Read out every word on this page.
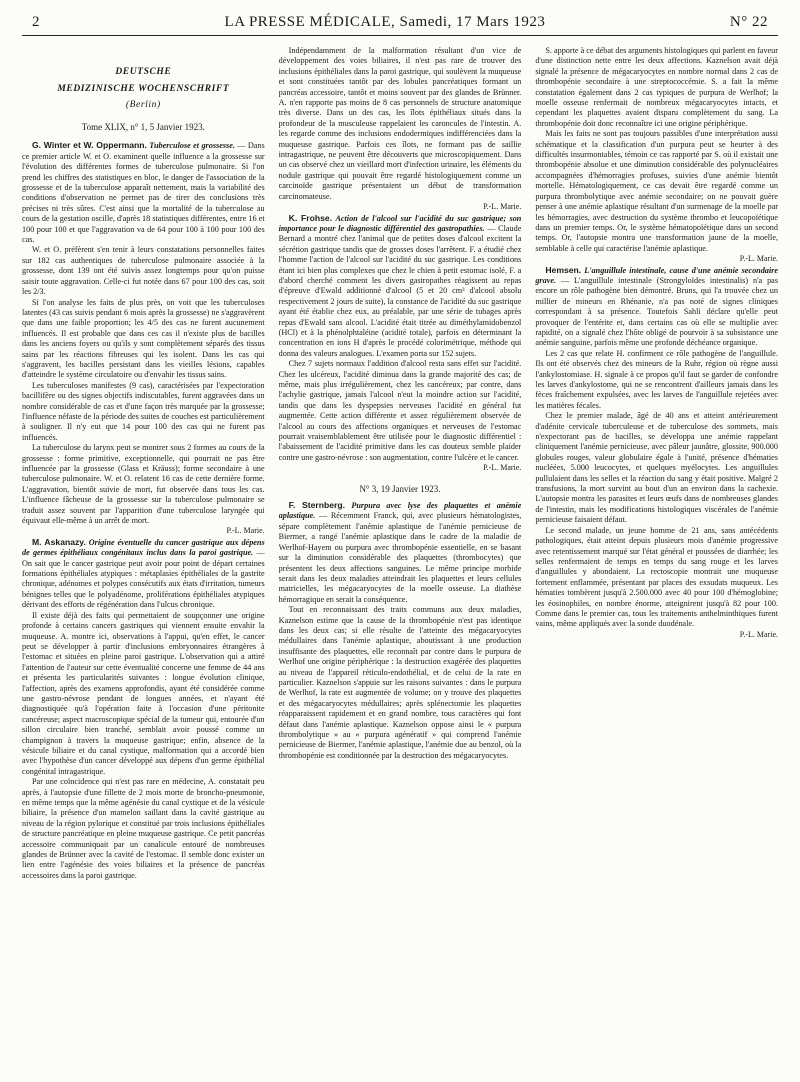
2	LA PRESSE MÉDICALE, Samedi, 17 Mars 1923	N° 22
DEUTSCHE
MEDIZINISCHE WOCHENSCHRIFT
(Berlin)
Tome XLIX, n° 1, 5 Janvier 1923.

G. Winter et W. Oppermann. Tuberculose et grossesse. — Dans ce premier article W. et O. examinent quelle influence a la grossesse sur l'évolution des différentes formes de tuberculose pulmonaire. Si l'on prend les chiffres des statistiques en bloc, le danger de l'association de la grossesse et de la tuberculose apparaît nettement, mais la variabilité des conditions d'observation ne permet pas de tirer des conclusions très précises ni très sûres. C'est ainsi que la mortalité de la tuberculose au cours de la gestation oscille, d'après 18 statistiques différentes, entre 16 et 100 pour 100 et que l'aggravation va de 64 pour 100 à 100 pour 100 des cas.

W. et O. préfèrent s'en tenir à leurs constatations personnelles faites sur 182 cas authentiques de tuberculose pulmonaire associée à la grossesse, dont 139 ont été suivis assez longtemps pour qu'on puisse saisir toute aggravation. Celle-ci fut notée dans 67 pour 100 des cas, soit les 2/3.

Si l'on analyse les faits de plus près, on voit que les tuberculoses latentes (43 cas suivis pendant 6 mois après la grossesse) ne s'aggravèrent que dans une faible proportion; les 4/5 des cas ne furent aucunement influencés. Il est probable que dans ces cas il n'existe plus de bacilles dans les anciens foyers ou qu'ils y sont complètement séparés des tissus sains par les réactions fibreuses qui les isolent. Dans les cas qui s'aggravent, les bacilles persistant dans les vieilles lésions, capables d'atteindre le système circulatoire ou d'envahir les tissus sains.

Les tuberculoses manifestes (9 cas), caractérisées par l'expectoration bacillifère ou des signes objectifs indiscutables, furent aggravées dans un nombre considérable de cas et d'une façon très marquée par la grossesse; l'influence néfaste de la période des suites de couches est particulièrement à souligner. Il n'y eut que 14 pour 100 des cas qui ne furent pas influencés.

La tuberculose du larynx peut se montrer sous 2 formes au cours de la grossesse : forme primitive, exceptionnelle, qui pourrait ne pas être influencée par la grossesse (Glass et Kräuss); forme secondaire à une tuberculose pulmonaire. W. et O. relatent 16 cas de cette dernière forme. L'aggravation, bientôt suivie de mort, fut observée dans tous les cas. L'influence fâcheuse de la grossesse sur la tuberculose pulmonaire se traduit assez souvent par l'apparition d'une tuberculose laryngée qui équivaut elle-même à un arrêt de mort.

P.-L. Marie.

M. Askanazy. Origine éventuelle du cancer gastrique aux dépens de germes épithéliaux congénitaux inclus dans la paroi gastrique. — On sait que le cancer gastrique peut avoir pour point de départ certaines formations épithéliales atypiques : métaplasies épithéliales de la gastrite chronique, adénomes et polypes consécutifs aux états d'irritation, tumeurs bénignes telles que le polyadénome, proliférations épithéliales atypiques dérivant des efforts de régénération dans l'ulcus chronique.

Il existe déjà des faits qui permettaient de soupçonner une origine profonde à certains cancers gastriques qui viennent ensuite envahir la muqueuse. A. montre ici, observations à l'appui, qu'en effet, le cancer peut se développer à partir d'inclusions embryonnaires étrangères à l'estomac et situées en pleine paroi gastrique. L'observation qui a attiré l'attention de l'auteur sur cette éventualité concerne une femme de 44 ans et présenta les particularités suivantes : longue évolution clinique, l'affection, après des examens approfondis, ayant été considérée comme une gastro-névrose pendant de longues années, et n'ayant été diagnostiquée qu'à l'opération faite à l'occasion d'une péritonite cancéreuse; aspect macroscopique spécial de la tumeur qui, entourée d'un sillon circulaire bien tranché, semblait avoir poussé comme un champignon à travers la muqueuse gastrique; enfin, absence de la vésicule biliaire et du canal cystique, malformation qui a accordé bien avec l'hypothèse d'un cancer développé aux dépens d'un germe épithélial congénital intragastrique.

Par une coïncidence qui n'est pas rare en médecine, A. constatait peu après, à l'autopsie d'une fillette de 2 mois morte de broncho-pneumonie, en même temps que la même agénésie du canal cystique et de la vésicule biliaire, la présence d'un mamelon saillant dans la cavité gastrique au niveau de la région pylorique et constitué par trois inclusions épithéliales de structure pancréatique en pleine muqueuse gastrique. Ce petit pancréas accessoire communiquait par un canalicule entouré de nombreuses glandes de Brünner avec la cavité de l'estomac. Il semble donc exister un lien entre l'agénésie des voies biliaires et la présence de pancréas accessoires dans la paroi gastrique.

Indépendamment de la malformation résultant d'un vice de développement des voies biliaires, il n'est pas rare de trouver des inclusions épithéliales dans la paroi gastrique, qui soulèvent la muqueuse et sont constituées tantôt par des lobules pancréatiques formant un pancréas accessoire, tantôt et moins souvent par des glandes de Brünner. A. n'en rapporte pas moins de 8 cas personnels de structure anatomique très diverse. Dans un des cas, les îlots épithéliaux situés dans la profondeur de la musculeuse rappelaient les caroncules de l'intestin. A. les regarde comme des inclusions endodermiques indifférenciées dans la muqueuse gastrique. Parfois ces îlots, ne formant pas de saillie intragastrique, ne peuvent être découverts que microscopiquement. Dans un cas observé chez un vieillard mort d'infection urinaire, les éléments du nodule gastrique qui pouvait être regardé histologiquement comme un carcinoïde gastrique présentaient un début de transformation carcinomateuse.

P.-L. Marie.

K. Frohse. Action de l'alcool sur l'acidité du suc gastrique; son importance pour le diagnostic différentiel des gastropathies. — Claude Bernard a montré chez l'animal que de petites doses d'alcool excitent la sécrétion gastrique tandis que de grosses doses l'arrêtent. F. a étudié chez l'homme l'action de l'alcool sur l'acidité du suc gastrique. Les conditions étant ici bien plus complexes que chez le chien à petit estomac isolé, F. a d'abord cherché comment les divers gastropathes réagissent au repas d'épreuve d'Ewald additionné d'alcool (5 et 20 cm³ d'alcool absolu respectivement 2 jours de suite), la constance de l'acidité du suc gastrique ayant été établie chez eux, au préalable, par une série de tubages après repas d'Ewald sans alcool. L'acidité était titrée au diméthylamidobenzol (HCl) et à la phénolphtaléine (acidité totale), parfois en déterminant la concentration en ions H d'après le procédé colorimétrique, méthode qui donna des valeurs analogues. L'examen porta sur 152 sujets.

Chez 7 sujets normaux l'addition d'alcool resta sans effet sur l'acidité. Chez les ulcéreux, l'acidité diminua dans la grande majorité des cas; de même, mais plus irrégulièrement, chez les cancéreux; par contre, dans l'achylie gastrique, jamais l'alcool n'eut la moindre action sur l'acidité, tandis que dans les dyspepsies nerveuses l'acidité en général fut augmentée. Cette action différente et assez régulièrement observée de l'alcool au cours des affections organiques et nerveuses de l'estomac pourrait vraisemblablement être utilisée pour le diagnostic différentiel : l'abaissement de l'acidité primitive dans les cas douteux semble plaider contre une gastro-névrose : son augmentation, contre l'ulcère et le cancer.

P.-L. Marie.

N° 3, 19 Janvier 1923.

F. Sternberg. Purpura avec lyse des plaquettes et anémie aplastique. — Récemment Franck, qui, avec plusieurs hématologistes, sépare complètement l'anémie aplastique de l'anémie pernicieuse de Biermer, a rangé l'anémie aplastique dans le cadre de la maladie de Werlhof-Hayem ou purpura avec thrombopénie essentielle, en se basant sur la diminution considérable des plaquettes (thrombocytes) que présentent les deux affections sanguines. Le même principe morbide serait dans les deux maladies atteindrait les plaquettes et leurs cellules matricielles, les mégacaryocytes de la moelle osseuse. La diathèse hémorragique en serait la conséquence.

Tout en reconnaissant des traits communs aux deux maladies, Kaznelson estime que la cause de la thrombopénie n'est pas identique dans les deux cas; si elle résulte de l'atteinte des mégacaryocytes médullaires dans l'anémie aplastique, aboutissant à une production insuffisante des plaquettes, elle reconnaît par contre dans le purpura de Werlhof une origine périphérique : la destruction exagérée des plaquettes au niveau de l'appareil réticulo-endothélial, et de celui de la rate en particulier. Kaznelson s'appuie sur les raisons suivantes : dans le purpura de Werlhof, la rate est augmentée de volume; on y trouve des plaquettes et des mégacaryocytes médullaires; après splénectomie les plaquettes réapparaissent rapidement et en grand nombre, tous caractères qui font défaut dans l'anémie aplastique. Kaznelson oppose ainsi le « purpura thrombolytique » au « purpura agénératif » qui comprend l'anémie pernicieuse de Biermer, l'anémie aplastique, l'anémie due au benzol, où la thrombopénie est conditionnée par la destruction des mégacaryocytes.

S. apporte à ce débat des arguments histologiques qui parlent en faveur d'une distinction nette entre les deux affections. Kaznelson avait déjà signalé la présence de mégacaryocytes en nombre normal dans 2 cas de thrombopénie secondaire à une streptococcémie. S. a fait la même constatation également dans 2 cas typiques de purpura de Werlhof; la moelle osseuse renfermait de nombreux mégacaryocytes intacts, et cependant les plaquettes avaient disparu complètement du sang. La thrombopénie doit donc reconnaître ici une origine périphérique.

Mais les faits ne sont pas toujours passibles d'une interprétation aussi schématique et la classification d'un purpura peut se heurter à des difficultés insurmontables, témoin ce cas rapporté par S. où il existait une thrombopénie absolue et une diminution considérable des polynucléaires accompagnées d'hémorragies profuses, suivies d'une anémie bientôt mortelle. Hématologiquement, ce cas devait être regardé comme un purpura thrombolytique avec anémie secondaire; on ne pouvait guère penser à une anémie aplastique résultant d'un surmenage de la moelle par les hémorragies, avec destruction du système thrombo et leucopoïétique dans un premier temps. Or, le système hématopoïétique dans un second temps. Or, l'autopsie montra une transformation jaune de la moelle, semblable à celle qui caractérise l'anémie aplastique.

P.-L. Marie.

Hemsen. L'anguillule intestinale, cause d'une anémie secondaire grave. — L'anguillule intestinale (Strongyloïdes intestinalis) n'a pas encore un rôle pathogène bien démontré. Bruns, qui l'a trouvée chez un millier de mineurs en Rhénanie, n'a pas noté de signes cliniques correspondant à sa présence. Toutefois Sahli déclare qu'elle peut provoquer de l'entérite et, dans certains cas où elle se multiplie avec rapidité, on a signalé chez l'hôte obligé de pourvoir à sa subsistance une anémie sanguine, parfois même une profonde déchéance organique.

Les 2 cas que relate H. confirment ce rôle pathogène de l'anguillule. Ils ont été observés chez des mineurs de la Ruhr, région où règne aussi l'ankylostomiase. H. signale à ce propos qu'il faut se garder de confondre les larves d'ankylostome, qui ne se rencontrent d'ailleurs jamais dans les fèces fraîchement expulsées, avec les larves de l'anguillule rejetées avec les matières fécales.

Chez le premier malade, âgé de 40 ans et atteint antérieurement d'adénite cervicale tuberculeuse et de tuberculose des sommets, mais n'expectorant pas de bacilles, se développa une anémie rappelant cliniquement l'anémie pernicieuse, avec pâleur jaunâtre, glossite, 900.000 globules rouges, valeur globulaire égale à l'unité, présence d'hématies nucléées, 5.000 leucocytes, et quelques myélocytes. Les anguillules pullulaient dans les selles et la réaction du sang y était positive. Malgré 2 transfusions, la mort survint au bout d'un an environ dans la cachexie. L'autopsie montra les parasites et leurs œufs dans de nombreuses glandes de l'intestin, mais les modifications histologiques viscérales de l'anémie pernicieuse faisaient défaut.

Le second malade, un jeune homme de 21 ans, sans antécédents pathologiques, était atteint depuis plusieurs mois d'anémie progressive avec retentissement marqué sur l'état général et poussées de diarrhée; les selles renfermaient de temps en temps du sang rouge et les larves d'anguillules y abondaient. La rectoscopie montrait une muqueuse fortement enflammée, présentant par places des exsudats muqueux. Les hématies tombèrent jusqu'à 2.500.000 avec 40 pour 100 d'hémoglobine; les éosinophiles, en nombre énorme, atteignirent jusqu'à 82 pour 100. Comme dans le premier cas, tous les traitements anthelminthiques furent vains, même appliqués avec la sonde duodénale.

P.-L. Marie.
